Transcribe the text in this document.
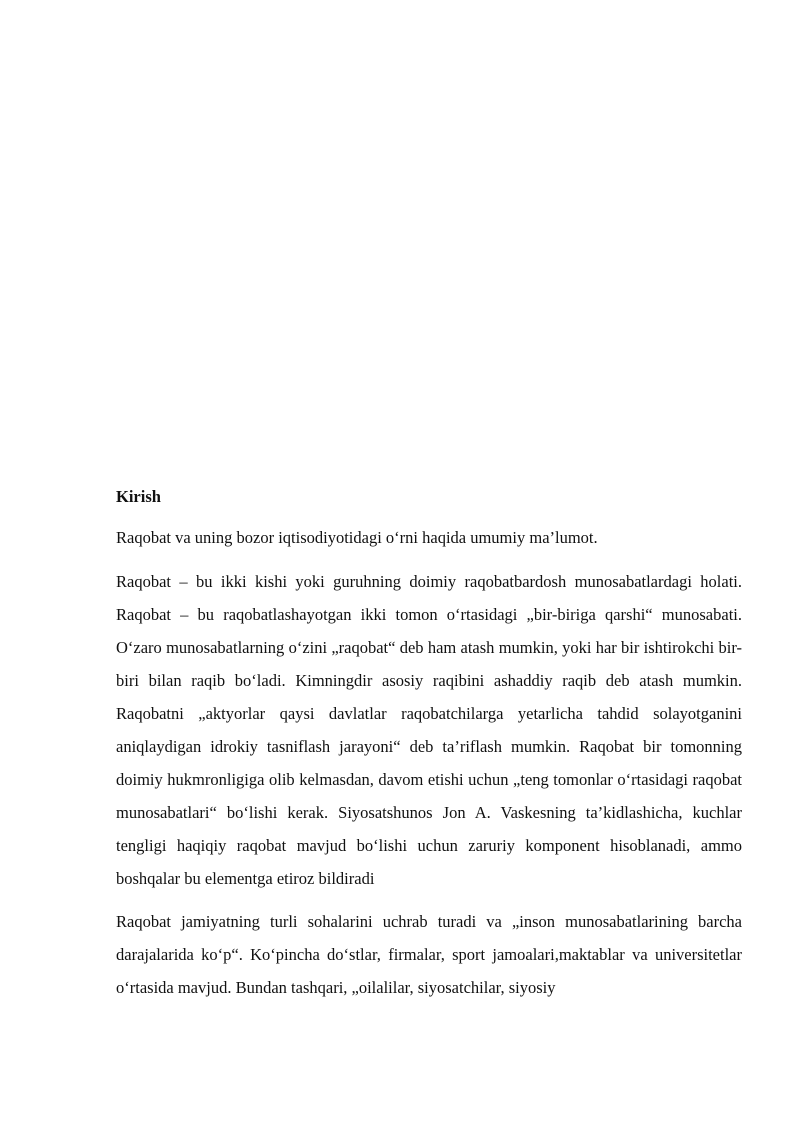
Kirish
Raqobat va uning bozor iqtisodiyotidagi o‘rni haqida umumiy ma’lumot.

Raqobat – bu ikki kishi yoki guruhning doimiy raqobatbardosh munosabatlardagi holati. Raqobat – bu raqobatlashayotgan ikki tomon o‘rtasidagi „bir-biriga qarshi“ munosabati. O‘zaro munosabatlarning o‘zini „raqobat“ deb ham atash mumkin, yoki har bir ishtirokchi bir-biri bilan raqib bo‘ladi. Kimningdir asosiy raqibini ashaddiy raqib deb atash mumkin. Raqobatni „aktyorlar qaysi davlatlar raqobatchilarga yetarlicha tahdid solayotganini aniqlaydigan idrokiy tasniflash jarayoni“ deb ta’riflash mumkin. Raqobat bir tomonning doimiy hukmronligiga olib kelmasdan, davom etishi uchun „teng tomonlar o‘rtasidagi raqobat munosabatlari“ bo‘lishi kerak. Siyosatshunos Jon A. Vaskesning ta’kidlashicha, kuchlar tengligi haqiqiy raqobat mavjud bo‘lishi uchun zaruriy komponent hisoblanadi, ammo boshqalar bu elementga etiroz bildiradi

Raqobat jamiyatning turli sohalarini uchrab turadi va „inson munosabatlarining barcha darajalarida ko‘p“. Ko‘pincha do‘stlar, firmalar, sport jamoalari,maktablar va universitetlar o‘rtasida mavjud. Bundan tashqari, „oilalilar, siyosatchilar, siyosiy
